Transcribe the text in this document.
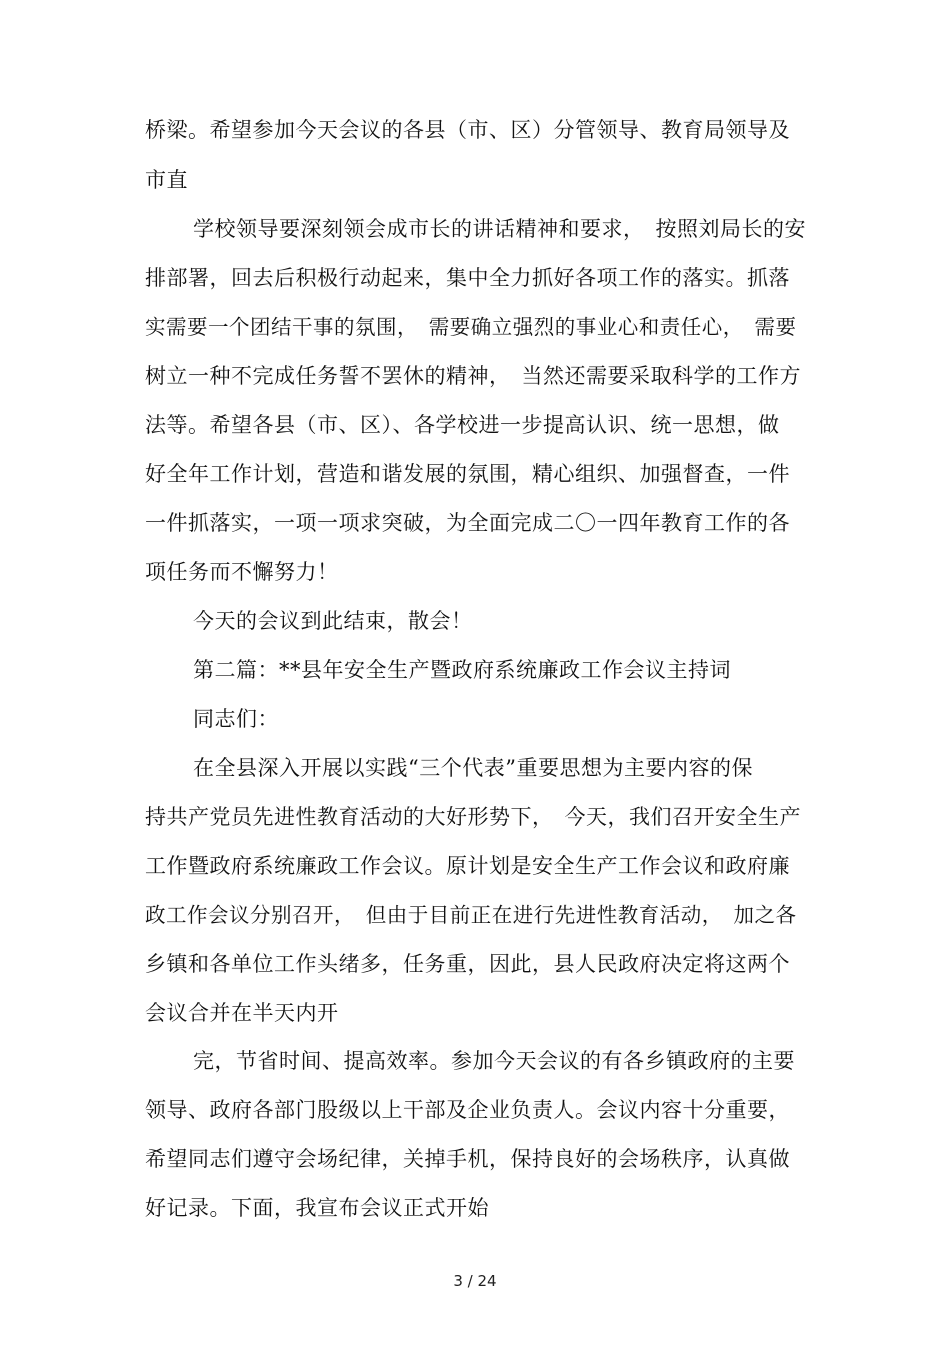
桥梁。希望参加今天会议的各县（市、区）分管领导、教育局领导及
市直
学校领导要深刻领会成市长的讲话精神和要求，　按照刘局长的安
排部署，回去后积极行动起来，集中全力抓好各项工作的落实。抓落
实需要一个团结干事的氛围，　需要确立强烈的事业心和责任心，　需要
树立一种不完成任务誓不罢休的精神，　当然还需要采取科学的工作方
法等。希望各县（市、区）、各学校进一步提高认识、统一思想，做
好全年工作计划，营造和谐发展的氛围，精心组织、加强督查，一件
一件抓落实，一项一项求突破，为全面完成二〇一四年教育工作的各
项任务而不懈努力！
今天的会议到此结束，散会！
第二篇：**县年安全生产暨政府系统廉政工作会议主持词
同志们：
在全县深入开展以实践“三个代表”重要思想为主要内容的保
持共产党员先进性教育活动的大好形势下，　今天，我们召开安全生产
工作暨政府系统廉政工作会议。原计划是安全生产工作会议和政府廉
政工作会议分别召开，　但由于目前正在进行先进性教育活动，　加之各
乡镇和各单位工作头绪多，任务重，因此，县人民政府决定将这两个
会议合并在半天内开
完，节省时间、提高效率。参加今天会议的有各乡镇政府的主要
领导、政府各部门股级以上干部及企业负责人。会议内容十分重要，
希望同志们遵守会场纪律，关掉手机，保持良好的会场秩序，认真做
好记录。下面，我宣布会议正式开始
3 / 24
